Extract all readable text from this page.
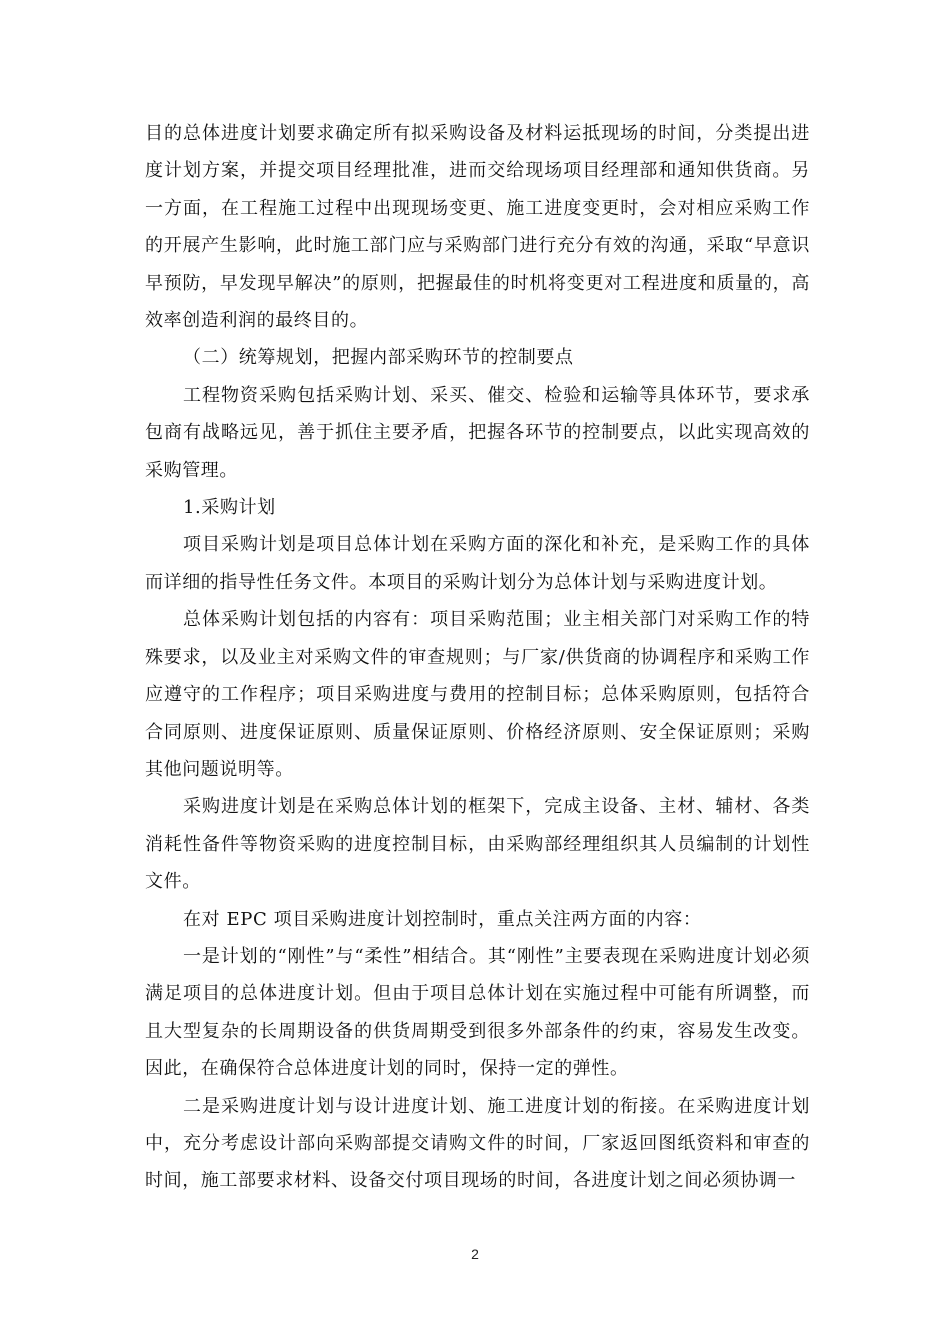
目的总体进度计划要求确定所有拟采购设备及材料运抵现场的时间，分类提出进度计划方案，并提交项目经理批准，进而交给现场项目经理部和通知供货商。另一方面，在工程施工过程中出现现场变更、施工进度变更时，会对相应采购工作的开展产生影响，此时施工部门应与采购部门进行充分有效的沟通，采取“早意识早预防，早发现早解决”的原则，把握最佳的时机将变更对工程进度和质量的，高效率创造利润的最终目的。

（二）统筹规划，把握内部采购环节的控制要点

工程物资采购包括采购计划、采买、催交、检验和运输等具体环节，要求承包商有战略远见，善于抓住主要矛盾，把握各环节的控制要点，以此实现高效的采购管理。

1.采购计划

项目采购计划是项目总体计划在采购方面的深化和补充，是采购工作的具体而详细的指导性任务文件。本项目的采购计划分为总体计划与采购进度计划。

总体采购计划包括的内容有：项目采购范围；业主相关部门对采购工作的特殊要求，以及业主对采购文件的审查规则；与厂家/供货商的协调程序和采购工作应遵守的工作程序；项目采购进度与费用的控制目标；总体采购原则，包括符合合同原则、进度保证原则、质量保证原则、价格经济原则、安全保证原则；采购其他问题说明等。

采购进度计划是在采购总体计划的框架下，完成主设备、主材、辅材、各类消耗性备件等物资采购的进度控制目标，由采购部经理组织其人员编制的计划性文件。

在对 EPC 项目采购进度计划控制时，重点关注两方面的内容：

一是计划的“刚性”与“柔性”相结合。其“刚性”主要表现在采购进度计划必须满足项目的总体进度计划。但由于项目总体计划在实施过程中可能有所调整，而且大型复杂的长周期设备的供货周期受到很多外部条件的约束，容易发生改变。因此，在确保符合总体进度计划的同时，保持一定的弹性。

二是采购进度计划与设计进度计划、施工进度计划的衔接。在采购进度计划中，充分考虑设计部向采购部提交请购文件的时间，厂家返回图纸资料和审查的时间，施工部要求材料、设备交付项目现场的时间，各进度计划之间必须协调一

2
